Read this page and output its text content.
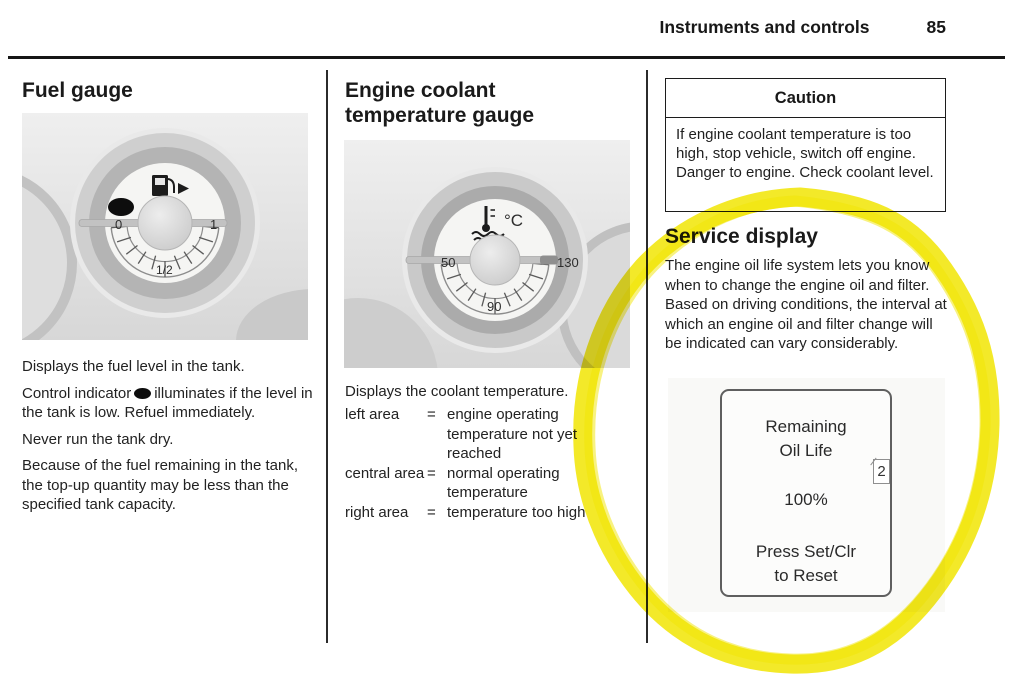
Instruments and controls	85
Fuel gauge
0	1
1/2

Displays the fuel level in the tank.

Control indicator illuminates if the level in the tank is low. Refuel immediately.

Never run the tank dry.

Because of the fuel remaining in the tank, the top-up quantity may be less than the specified tank capacity.

Engine coolant temperature gauge
°C
50	130
90
Displays the coolant temperature.
left area	= engine operating temperature not yet reached
central area = normal operating temperature
right area	= temperature too high
Caution
If engine coolant temperature is too high, stop vehicle, switch off engine. Danger to engine. Check coolant level.
Service display
The engine oil life system lets you know when to change the engine oil and filter. Based on driving conditions, the interval at which an engine oil and filter change will be indicated can vary considerably.
Remaining
Oil Life
100%
Press Set/Clr
to Reset
2
